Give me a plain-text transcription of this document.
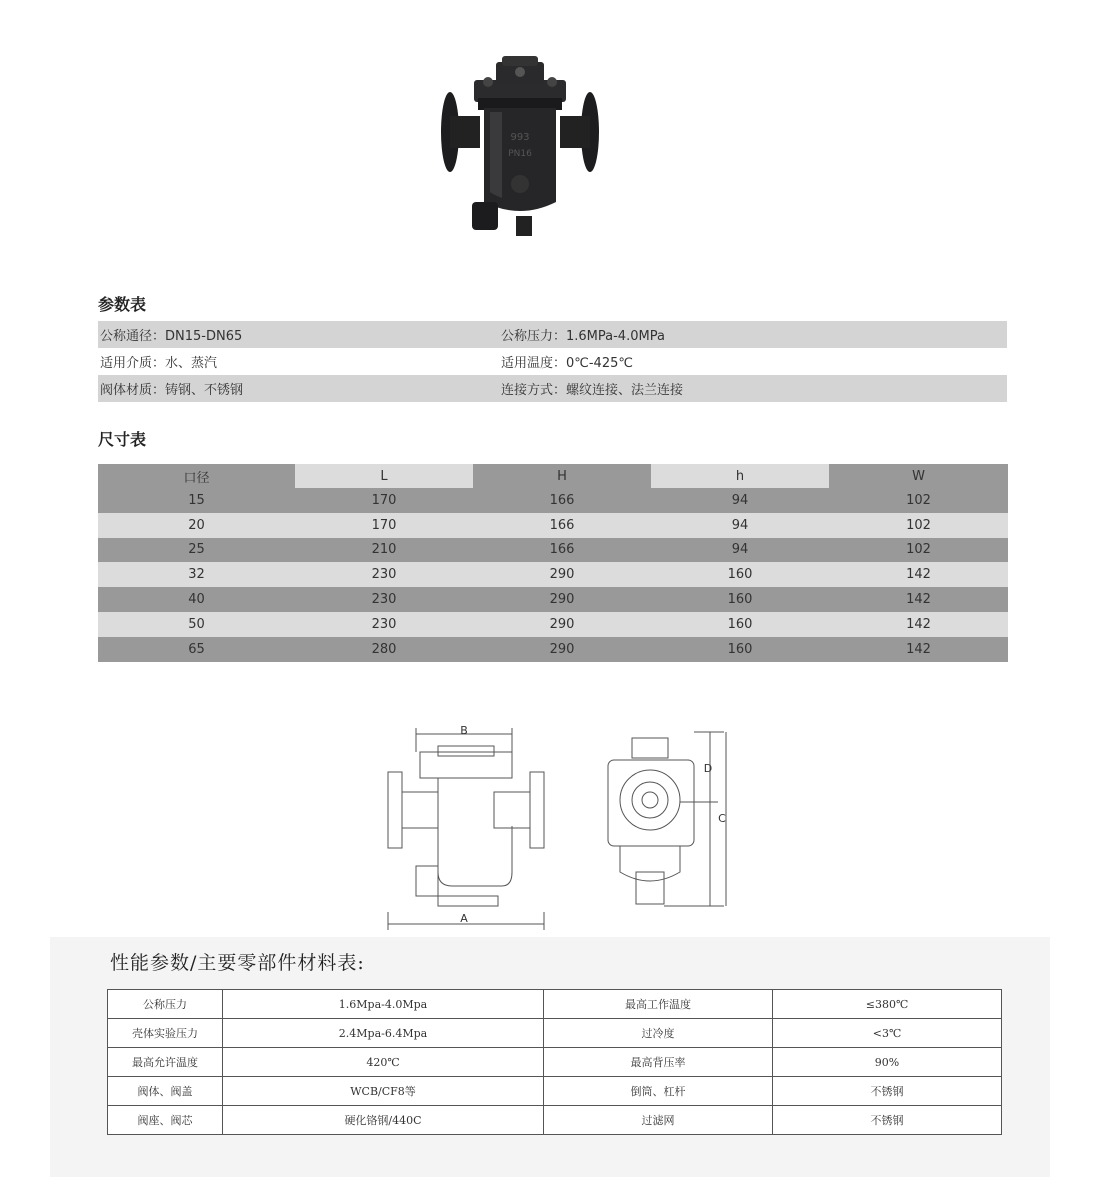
993
PN16
参数表
公称通径：DN15-DN65	公称压力：1.6MPa-4.0MPa
适用介质：水、蒸汽	适用温度：0℃-425℃
阀体材质：铸钢、不锈钢	连接方式：螺纹连接、法兰连接
尺寸表
口径	L	H	h	W
15	170	166	94	102
20	170	166	94	102
25	210	166	94	102
32	230	290	160	142
40	230	290	160	142
50	230	290	160	142
65	280	290	160	142
B
A
D
C
性能参数/主要零部件材料表:
公称压力	1.6Mpa-4.0Mpa	最高工作温度	≤380℃
壳体实验压力	2.4Mpa-6.4Mpa	过冷度	<3℃
最高允许温度	420℃	最高背压率	90%
阀体、阀盖	WCB/CF8等	倒筒、杠杆	不锈钢
阀座、阀芯	硬化铬钢/440C	过滤网	不锈钢
